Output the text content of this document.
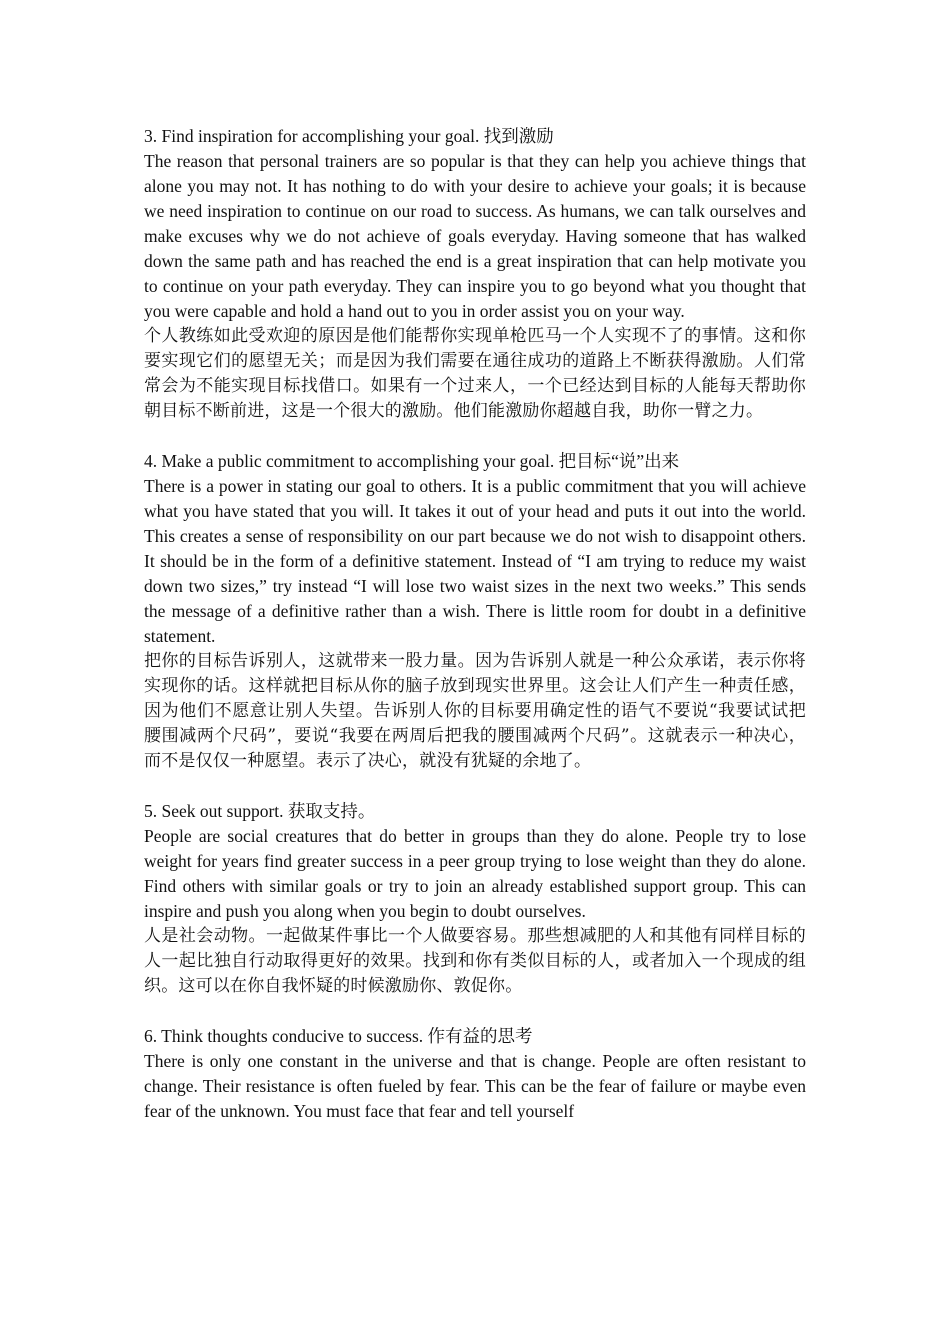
3. Find inspiration for accomplishing your goal. 找到激励

The reason that personal trainers are so popular is that they can help you achieve things that alone you may not. It has nothing to do with your desire to achieve your goals; it is because we need inspiration to continue on our road to success. As humans, we can talk ourselves and make excuses why we do not achieve of goals everyday. Having someone that has walked down the same path and has reached the end is a great inspiration that can help motivate you to continue on your path everyday. They can inspire you to go beyond what you thought that you were capable and hold a hand out to you in order assist you on your way.

个人教练如此受欢迎的原因是他们能帮你实现单枪匹马一个人实现不了的事情。这和你要实现它们的愿望无关；而是因为我们需要在通往成功的道路上不断获得激励。人们常常会为不能实现目标找借口。如果有一个过来人，一个已经达到目标的人能每天帮助你朝目标不断前进，这是一个很大的激励。他们能激励你超越自我，助你一臂之力。

4. Make a public commitment to accomplishing your goal. 把目标“说”出来

There is a power in stating our goal to others. It is a public commitment that you will achieve what you have stated that you will. It takes it out of your head and puts it out into the world. This creates a sense of responsibility on our part because we do not wish to disappoint others. It should be in the form of a definitive statement. Instead of “I am trying to reduce my waist down two sizes,” try instead “I will lose two waist sizes in the next two weeks.” This sends the message of a definitive rather than a wish. There is little room for doubt in a definitive statement.

把你的目标告诉别人，这就带来一股力量。因为告诉别人就是一种公众承诺，表示你将实现你的话。这样就把目标从你的脑子放到现实世界里。这会让人们产生一种责任感，因为他们不愿意让别人失望。告诉别人你的目标要用确定性的语气不要说“我要试试把腰围减两个尺码”，要说“我要在两周后把我的腰围减两个尺码”。这就表示一种决心，而不是仅仅一种愿望。表示了决心，就没有犹疑的余地了。

5. Seek out support. 获取支持。

People are social creatures that do better in groups than they do alone. People try to lose weight for years find greater success in a peer group trying to lose weight than they do alone. Find others with similar goals or try to join an already established support group. This can inspire and push you along when you begin to doubt ourselves.

人是社会动物。一起做某件事比一个人做要容易。那些想减肥的人和其他有同样目标的人一起比独自行动取得更好的效果。找到和你有类似目标的人，或者加入一个现成的组织。这可以在你自我怀疑的时候激励你、敦促你。

6. Think thoughts conducive to success. 作有益的思考

There is only one constant in the universe and that is change. People are often resistant to change. Their resistance is often fueled by fear. This can be the fear of failure or maybe even fear of the unknown. You must face that fear and tell yourself
